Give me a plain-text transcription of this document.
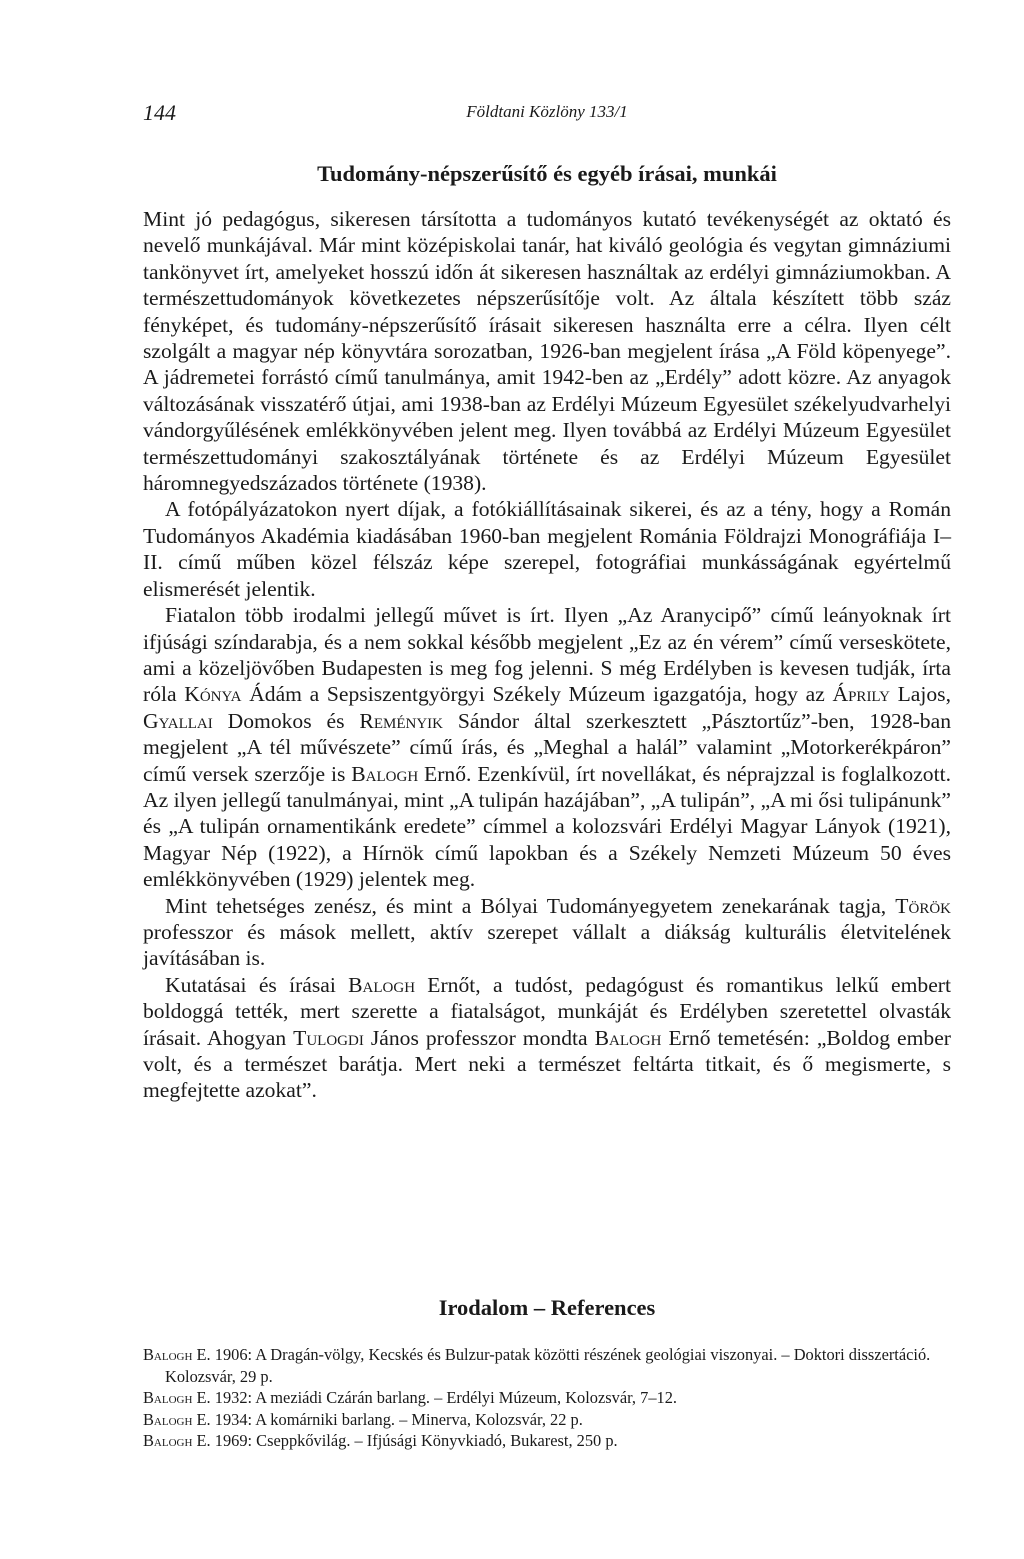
144	Földtani Közlöny 133/1
Tudomány-népszerűsítő és egyéb írásai, munkái

Mint jó pedagógus, sikeresen társította a tudományos kutató tevékenységét az oktató és nevelő munkájával. Már mint középiskolai tanár, hat kiváló geológia és vegytan gimnáziumi tankönyvet írt, amelyeket hosszú időn át sikeresen használtak az erdélyi gimnáziumokban. A természettudományok következetes népszerűsítője volt. Az általa készített több száz fényképet, és tudomány-népszerűsítő írásait sikeresen használta erre a célra. Ilyen célt szolgált a magyar nép könyvtára sorozatban, 1926-ban megjelent írása „A Föld köpenyege”. A jádremetei forrástó című tanulmánya, amit 1942-ben az „Erdély” adott közre. Az anyagok változásának visszatérő útjai, ami 1938-ban az Erdélyi Múzeum Egyesület székelyudvarhelyi vándorgyűlésének emlékkönyvében jelent meg. Ilyen továbbá az Erdélyi Múzeum Egyesület természettudományi szakosztályának története és az Erdélyi Múzeum Egyesület háromnegyedszázados története (1938).

A fotópályázatokon nyert díjak, a fotókiállításainak sikerei, és az a tény, hogy a Román Tudományos Akadémia kiadásában 1960-ban megjelent Románia Földrajzi Monográfiája I–II. című műben közel félszáz képe szerepel, fotográfiai munkásságának egyértelmű elismerését jelentik.

Fiatalon több irodalmi jellegű művet is írt. Ilyen „Az Aranycipő” című leányoknak írt ifjúsági színdarabja, és a nem sokkal később megjelent „Ez az én vérem” című verseskötete, ami a közeljövőben Budapesten is meg fog jelenni. S még Erdélyben is kevesen tudják, írta róla Kónya Ádám a Sepsiszentgyörgyi Székely Múzeum igazgatója, hogy az Áprily Lajos, Gyallai Domokos és Reményik Sándor által szerkesztett „Pásztortűz”-ben, 1928-ban megjelent „A tél művészete” című írás, és „Meghal a halál” valamint „Motorkerékpáron” című versek szerzője is Balogh Ernő. Ezenkívül, írt novellákat, és néprajzzal is foglalkozott. Az ilyen jellegű tanulmányai, mint „A tulipán hazájában”, „A tulipán”, „A mi ősi tulipánunk” és „A tulipán ornamentikánk eredete” címmel a kolozsvári Erdélyi Magyar Lányok (1921), Magyar Nép (1922), a Hírnök című lapokban és a Székely Nemzeti Múzeum 50 éves emlékkönyvében (1929) jelentek meg.

Mint tehetséges zenész, és mint a Bólyai Tudományegyetem zenekarának tagja, Török professzor és mások mellett, aktív szerepet vállalt a diákság kulturális életvitelének javításában is.

Kutatásai és írásai Balogh Ernőt, a tudóst, pedagógust és romantikus lelkű embert boldoggá tették, mert szerette a fiatalságot, munkáját és Erdélyben szeretettel olvasták írásait. Ahogyan Tulogdi János professzor mondta Balogh Ernő temetésén: „Boldog ember volt, és a természet barátja. Mert neki a természet feltárta titkait, és ő megismerte, s megfejtette azokat”.

Irodalom – References

Balogh E. 1906: A Dragán-völgy, Kecskés és Bulzur-patak közötti részének geológiai viszonyai. – Doktori disszertáció. Kolozsvár, 29 p.

Balogh E. 1932: A meziádi Czárán barlang. – Erdélyi Múzeum, Kolozsvár, 7–12.

Balogh E. 1934: A komárniki barlang. – Minerva, Kolozsvár, 22 p.

Balogh E. 1969: Cseppkővilág. – Ifjúsági Könyvkiadó, Bukarest, 250 p.
